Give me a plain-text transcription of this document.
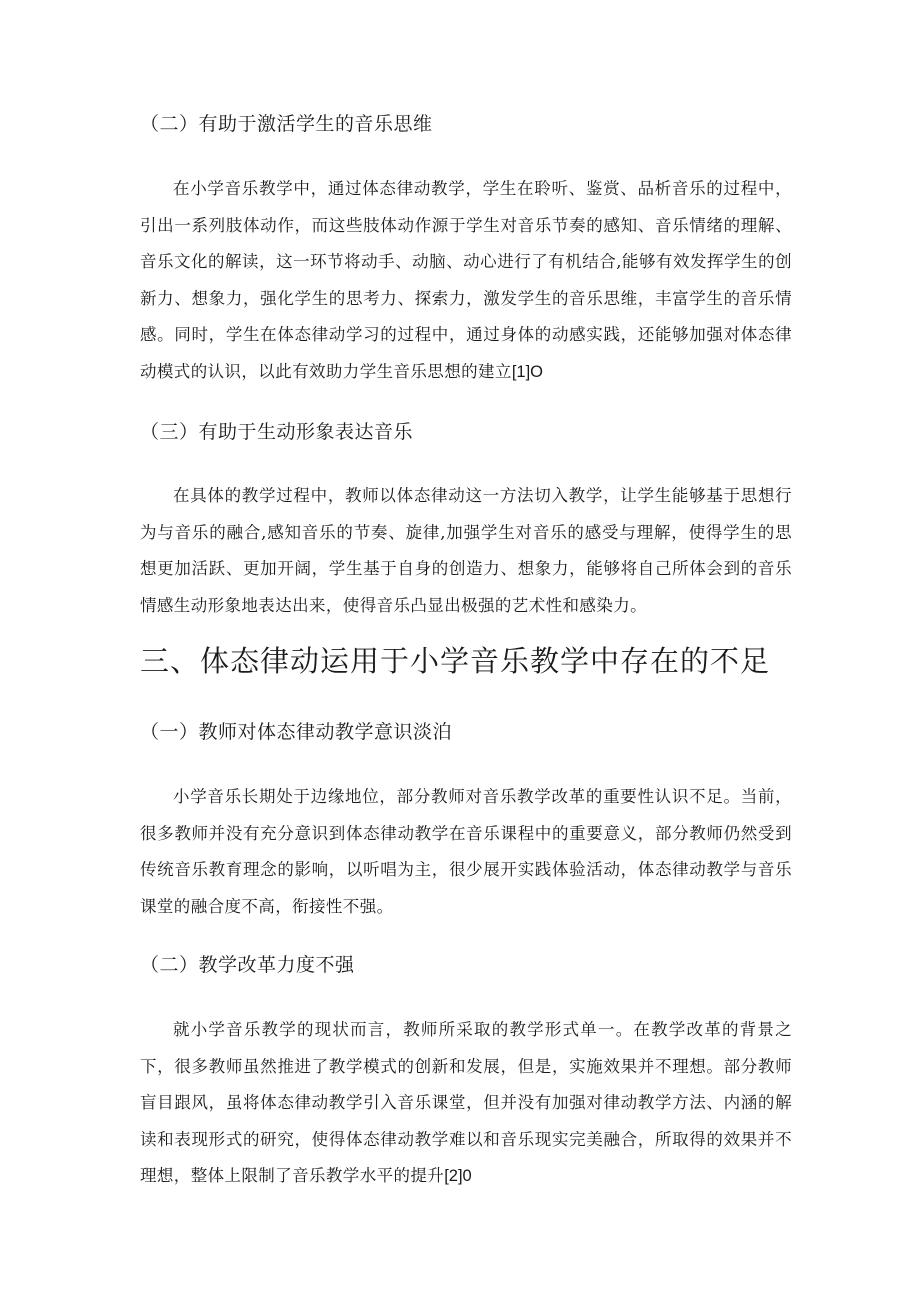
（二）有助于激活学生的音乐思维
在小学音乐教学中，通过体态律动教学，学生在聆听、鉴赏、品析音乐的过程中，引出一系列肢体动作，而这些肢体动作源于学生对音乐节奏的感知、音乐情绪的理解、音乐文化的解读，这一环节将动手、动脑、动心进行了有机结合,能够有效发挥学生的创新力、想象力，强化学生的思考力、探索力，激发学生的音乐思维，丰富学生的音乐情感。同时，学生在体态律动学习的过程中，通过身体的动感实践，还能够加强对体态律动模式的认识，以此有效助力学生音乐思想的建立[1]O
（三）有助于生动形象表达音乐
在具体的教学过程中，教师以体态律动这一方法切入教学，让学生能够基于思想行为与音乐的融合,感知音乐的节奏、旋律,加强学生对音乐的感受与理解，使得学生的思想更加活跃、更加开阔，学生基于自身的创造力、想象力，能够将自己所体会到的音乐情感生动形象地表达出来，使得音乐凸显出极强的艺术性和感染力。
三、体态律动运用于小学音乐教学中存在的不足
（一）教师对体态律动教学意识淡泊
小学音乐长期处于边缘地位，部分教师对音乐教学改革的重要性认识不足。当前，很多教师并没有充分意识到体态律动教学在音乐课程中的重要意义，部分教师仍然受到传统音乐教育理念的影响，以听唱为主，很少展开实践体验活动，体态律动教学与音乐课堂的融合度不高，衔接性不强。
（二）教学改革力度不强
就小学音乐教学的现状而言，教师所采取的教学形式单一。在教学改革的背景之下，很多教师虽然推进了教学模式的创新和发展，但是，实施效果并不理想。部分教师盲目跟风，虽将体态律动教学引入音乐课堂，但并没有加强对律动教学方法、内涵的解读和表现形式的研究，使得体态律动教学难以和音乐现实完美融合，所取得的效果并不理想，整体上限制了音乐教学水平的提升[2]0
